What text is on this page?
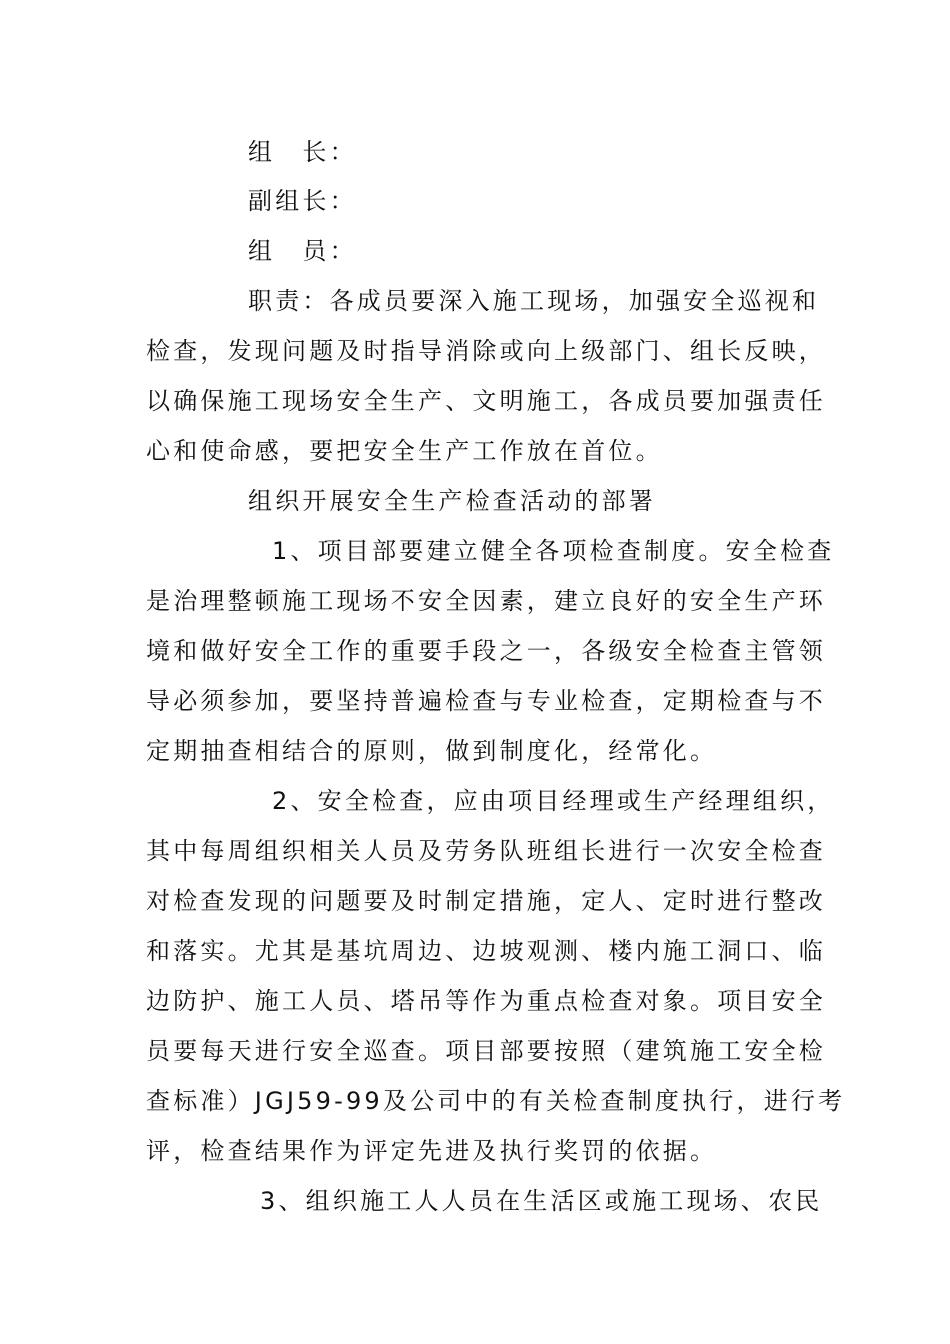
组　长：
副组长：
组　员：
职责：各成员要深入施工现场，加强安全巡视和
检查，发现问题及时指导消除或向上级部门、组长反映，
以确保施工现场安全生产、文明施工，各成员要加强责任
心和使命感，要把安全生产工作放在首位。
组织开展安全生产检查活动的部署
1、项目部要建立健全各项检查制度。安全检查
是治理整顿施工现场不安全因素，建立良好的安全生产环
境和做好安全工作的重要手段之一，各级安全检查主管领
导必须参加，要坚持普遍检查与专业检查，定期检查与不
定期抽查相结合的原则，做到制度化，经常化。
2、安全检查，应由项目经理或生产经理组织，
其中每周组织相关人员及劳务队班组长进行一次安全检查
对检查发现的问题要及时制定措施，定人、定时进行整改
和落实。尤其是基坑周边、边坡观测、楼内施工洞口、临
边防护、施工人员、塔吊等作为重点检查对象。项目安全
员要每天进行安全巡查。项目部要按照（建筑施工安全检
查标准）JGJ59-99及公司中的有关检查制度执行，进行考
评，检查结果作为评定先进及执行奖罚的依据。
3、组织施工人人员在生活区或施工现场、农民
